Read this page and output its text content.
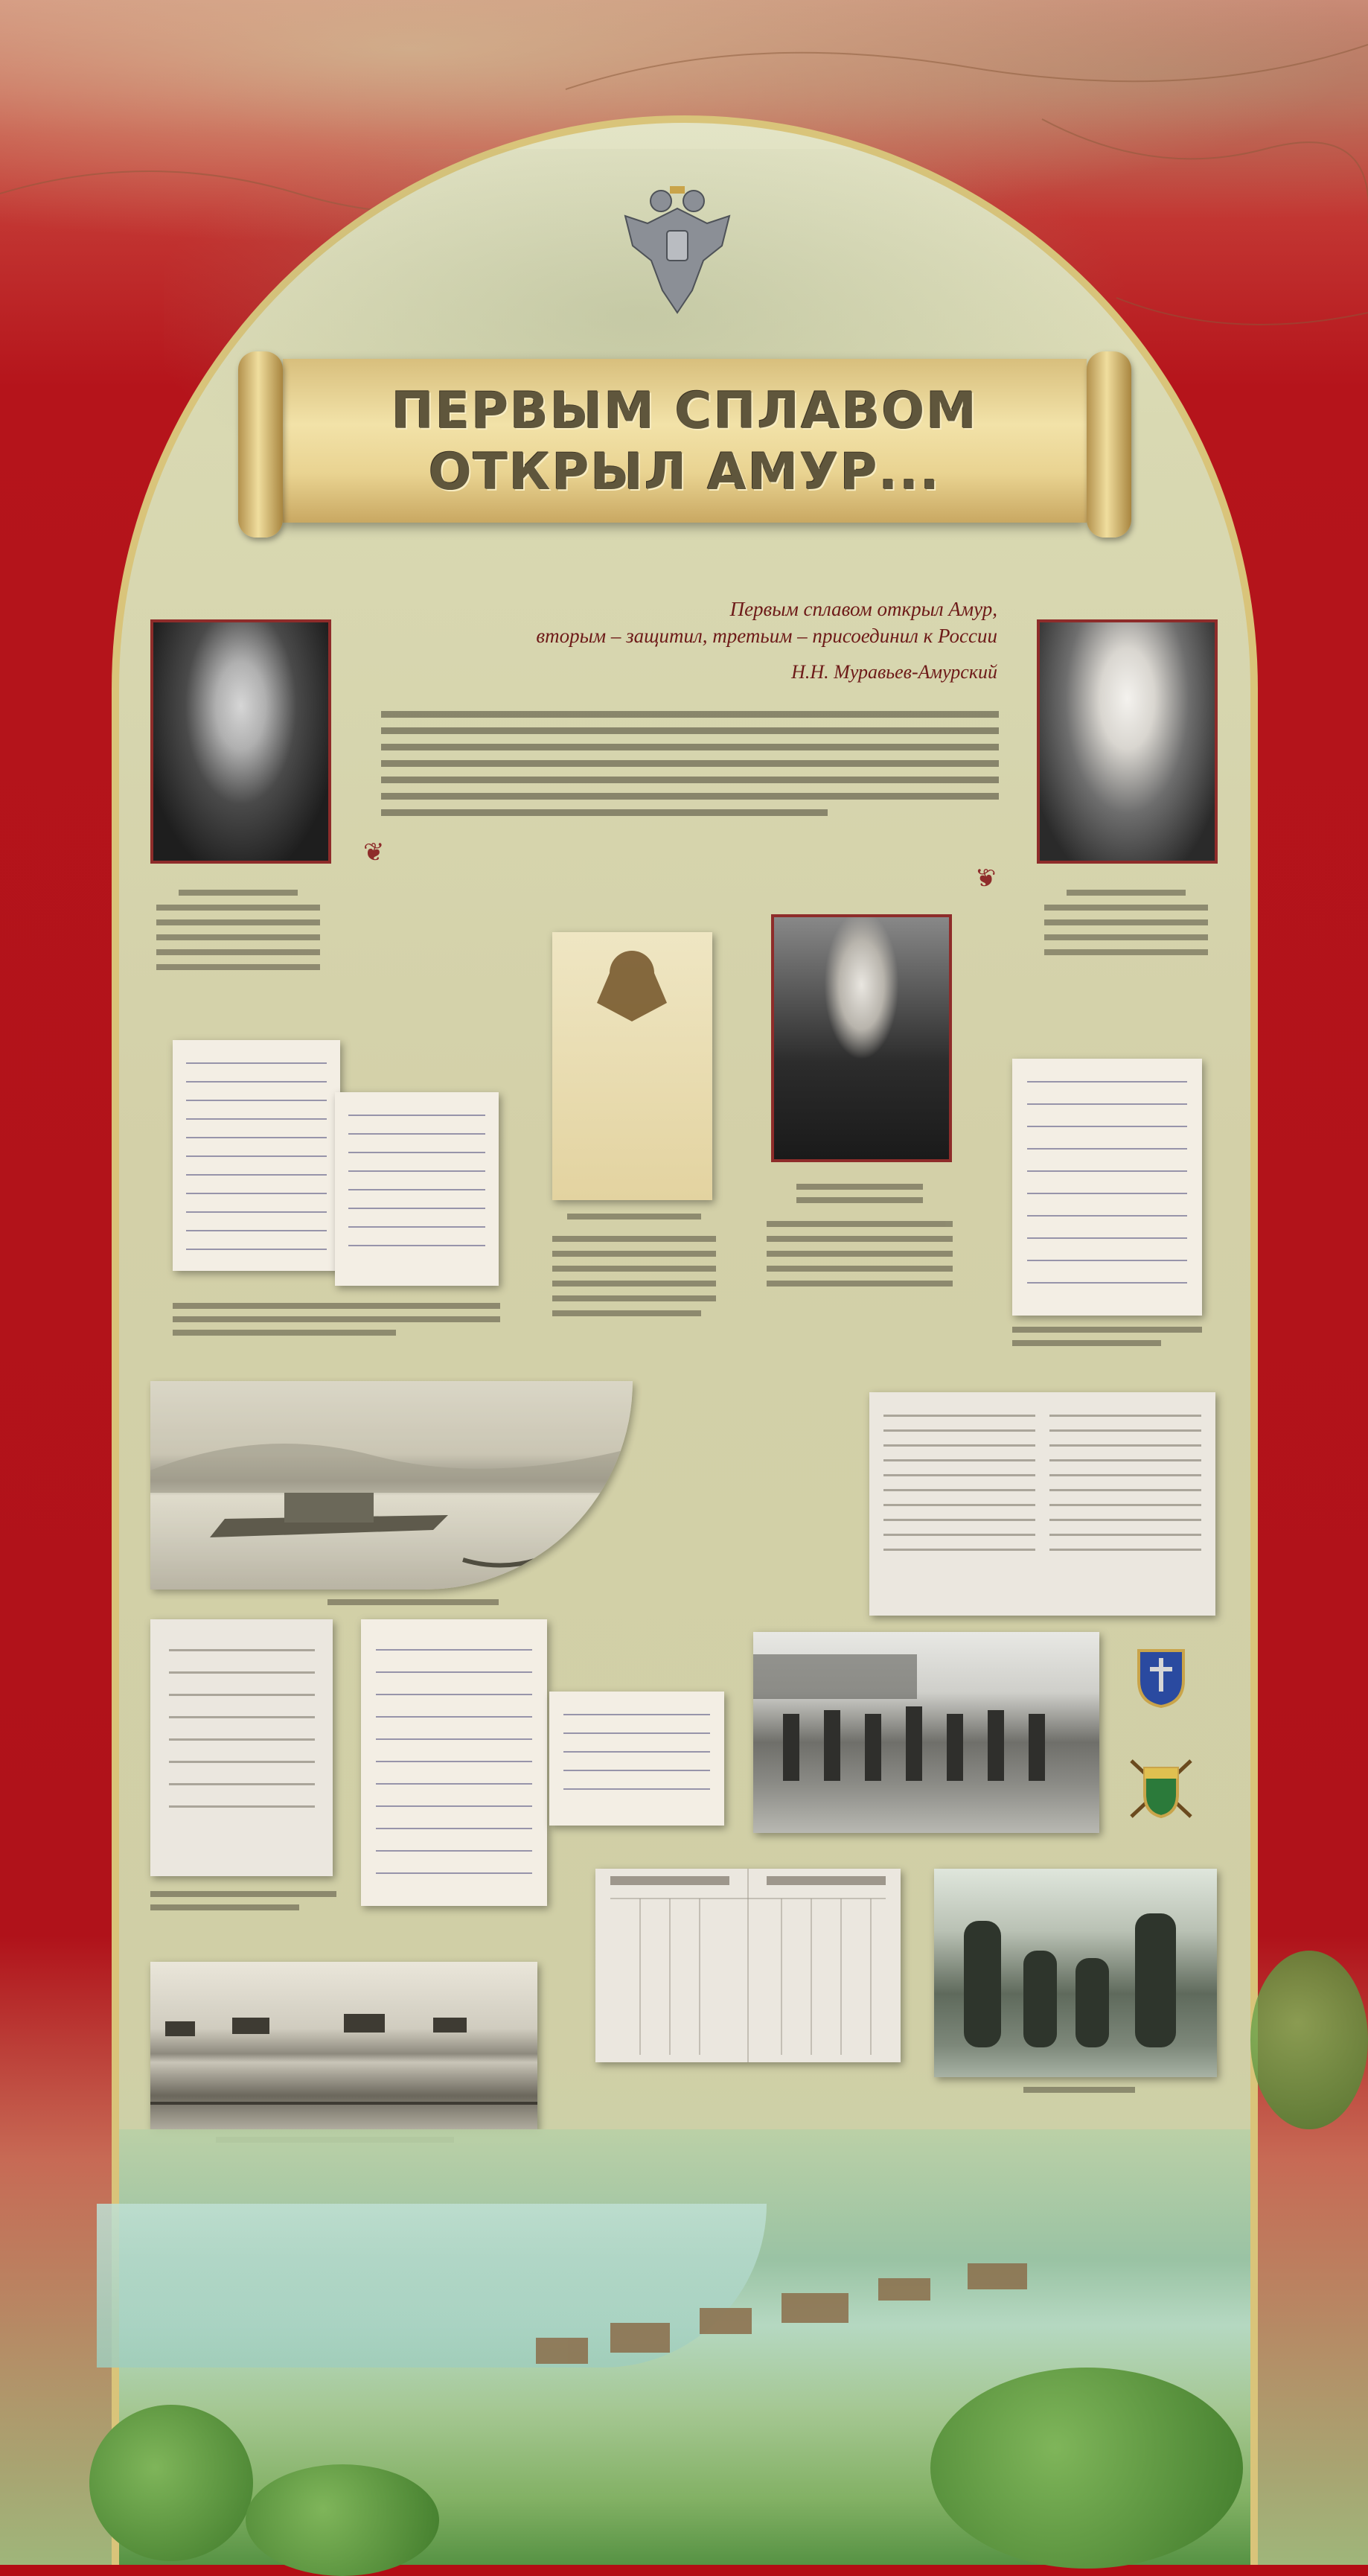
ПЕРВЫМ СПЛАВОМ
ОТКРЫЛ АМУР...
Первым сплавом открыл Амур,
вторым – защитил, третьим – присоединил к России
Н.Н. Муравьев-Амурский
❦
❦
